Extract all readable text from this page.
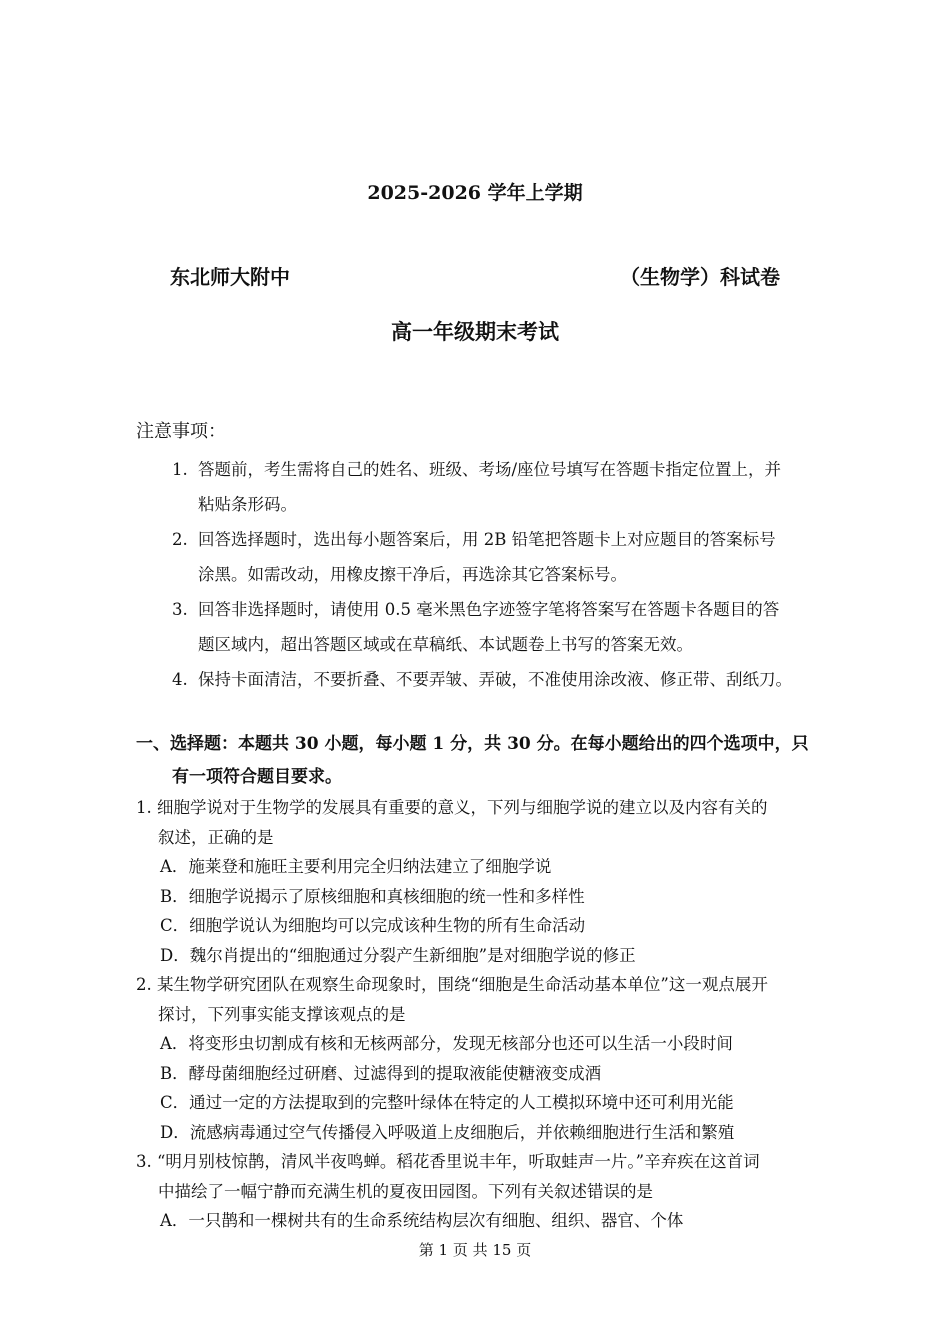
2025-2026 学年上学期
东北师大附中	（生物学）科试卷
高一年级期末考试
注意事项：
1. 答题前，考生需将自己的姓名、班级、考场/座位号填写在答题卡指定位置上，并
粘贴条形码。
2. 回答选择题时，选出每小题答案后，用 2B 铅笔把答题卡上对应题目的答案标号
涂黑。如需改动，用橡皮擦干净后，再选涂其它答案标号。
3. 回答非选择题时，请使用 0.5 毫米黑色字迹签字笔将答案写在答题卡各题目的答
题区域内，超出答题区域或在草稿纸、本试题卷上书写的答案无效。
4. 保持卡面清洁，不要折叠、不要弄皱、弄破，不准使用涂改液、修正带、刮纸刀。
一、选择题：本题共 30 小题，每小题 1 分，共 30 分。在每小题给出的四个选项中，只
有一项符合题目要求。
1. 细胞学说对于生物学的发展具有重要的意义，下列与细胞学说的建立以及内容有关的
叙述，正确的是
A．施莱登和施旺主要利用完全归纳法建立了细胞学说
B．细胞学说揭示了原核细胞和真核细胞的统一性和多样性
C．细胞学说认为细胞均可以完成该种生物的所有生命活动
D．魏尔肖提出的“细胞通过分裂产生新细胞”是对细胞学说的修正
2. 某生物学研究团队在观察生命现象时，围绕“细胞是生命活动基本单位”这一观点展开
探讨，下列事实能支撑该观点的是
A．将变形虫切割成有核和无核两部分，发现无核部分也还可以生活一小段时间
B．酵母菌细胞经过研磨、过滤得到的提取液能使糖液变成酒
C．通过一定的方法提取到的完整叶绿体在特定的人工模拟环境中还可利用光能
D．流感病毒通过空气传播侵入呼吸道上皮细胞后，并依赖细胞进行生活和繁殖
3. “明月别枝惊鹊，清风半夜鸣蝉。稻花香里说丰年，听取蛙声一片。”辛弃疾在这首词
中描绘了一幅宁静而充满生机的夏夜田园图。下列有关叙述错误的是
A．一只鹊和一棵树共有的生命系统结构层次有细胞、组织、器官、个体
第 1 页 共 15 页
